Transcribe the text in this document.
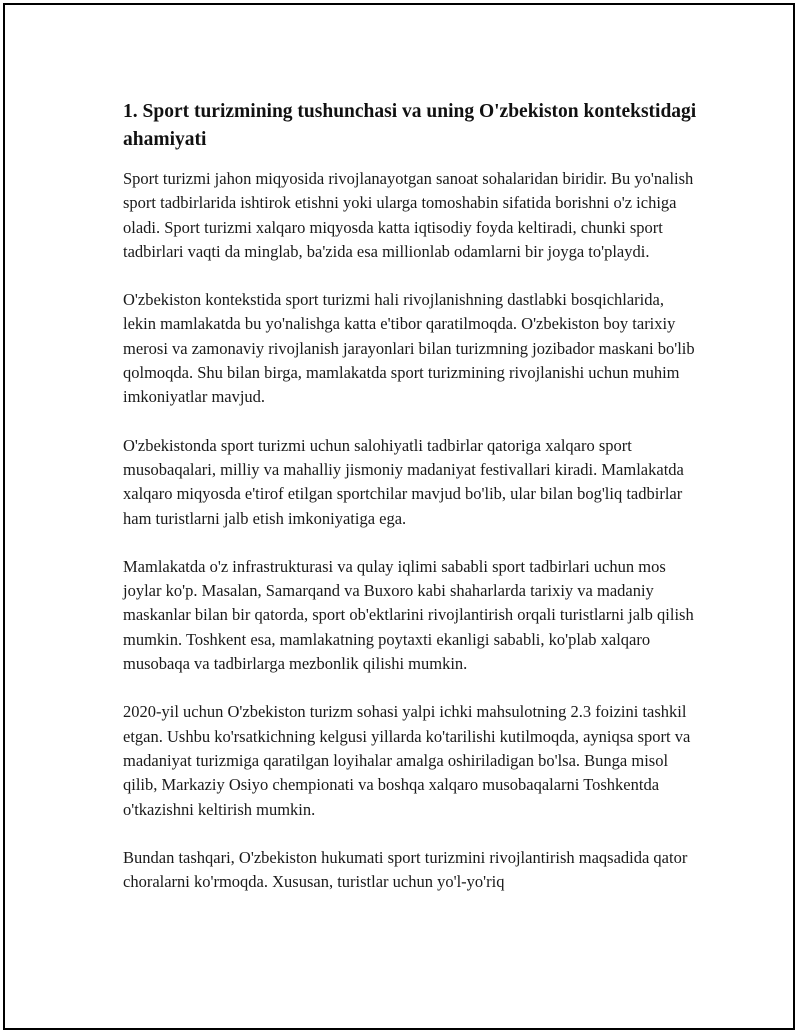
1. Sport turizmining tushunchasi va uning O'zbekiston kontekstidagi ahamiyati

Sport turizmi jahon miqyosida rivojlanayotgan sanoat sohalaridan biridir. Bu yo'nalish sport tadbirlarida ishtirok etishni yoki ularga tomoshabin sifatida borishni o'z ichiga oladi. Sport turizmi xalqaro miqyosda katta iqtisodiy foyda keltiradi, chunki sport tadbirlari vaqti da minglab, ba'zida esa millionlab odamlarni bir joyga to'playdi.

O'zbekiston kontekstida sport turizmi hali rivojlanishning dastlabki bosqichlarida, lekin mamlakatda bu yo'nalishga katta e'tibor qaratilmoqda. O'zbekiston boy tarixiy merosi va zamonaviy rivojlanish jarayonlari bilan turizmning jozibador maskani bo'lib qolmoqda. Shu bilan birga, mamlakatda sport turizmining rivojlanishi uchun muhim imkoniyatlar mavjud.

O'zbekistonda sport turizmi uchun salohiyatli tadbirlar qatoriga xalqaro sport musobaqalari, milliy va mahalliy jismoniy madaniyat festivallari kiradi. Mamlakatda xalqaro miqyosda e'tirof etilgan sportchilar mavjud bo'lib, ular bilan bog'liq tadbirlar ham turistlarni jalb etish imkoniyatiga ega.

Mamlakatda o'z infrastrukturasi va qulay iqlimi sababli sport tadbirlari uchun mos joylar ko'p. Masalan, Samarqand va Buxoro kabi shaharlarda tarixiy va madaniy maskanlar bilan bir qatorda, sport ob'ektlarini rivojlantirish orqali turistlarni jalb qilish mumkin. Toshkent esa, mamlakatning poytaxti ekanligi sababli, ko'plab xalqaro musobaqa va tadbirlarga mezbonlik qilishi mumkin.

2020-yil uchun O'zbekiston turizm sohasi yalpi ichki mahsulotning 2.3 foizini tashkil etgan. Ushbu ko'rsatkichning kelgusi yillarda ko'tarilishi kutilmoqda, ayniqsa sport va madaniyat turizmiga qaratilgan loyihalar amalga oshiriladigan bo'lsa. Bunga misol qilib, Markaziy Osiyo chempionati va boshqa xalqaro musobaqalarni Toshkentda o'tkazishni keltirish mumkin.

Bundan tashqari, O'zbekiston hukumati sport turizmini rivojlantirish maqsadida qator choralarni ko'rmoqda. Xususan, turistlar uchun yo'l-yo'riq
